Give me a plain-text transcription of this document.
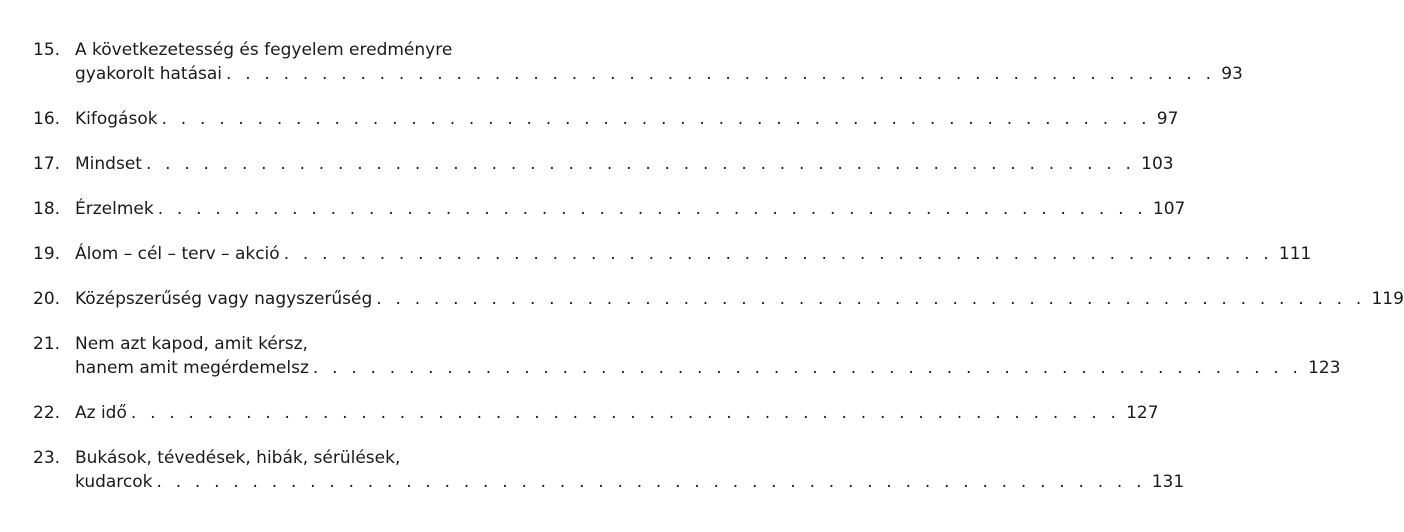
15. A következetesség és fegyelem eredményre
gyakorolt hatásai . . . . . . . . . . . . . . . . . . . . . . . . . . . . . . . . . . . . . . . . . . . . . . . . . . . . 93
16. Kifogások . . . . . . . . . . . . . . . . . . . . . . . . . . . . . . . . . . . . . . . . . . . . . . . . . . . . 97
17. Mindset . . . . . . . . . . . . . . . . . . . . . . . . . . . . . . . . . . . . . . . . . . . . . . . . . . . . 103
18. Érzelmek . . . . . . . . . . . . . . . . . . . . . . . . . . . . . . . . . . . . . . . . . . . . . . . . . . . . 107
19. Álom – cél – terv – akció . . . . . . . . . . . . . . . . . . . . . . . . . . . . . . . . . . . . . . . . . . . . . . . . . . . . 111
20. Középszerűség vagy nagyszerűség . . . . . . . . . . . . . . . . . . . . . . . . . . . . . . . . . . . . . . . . . . . . . . . . . . . . 119
21. Nem azt kapod, amit kérsz,
hanem amit megérdemelsz . . . . . . . . . . . . . . . . . . . . . . . . . . . . . . . . . . . . . . . . . . . . . . . . . . . . 123
22. Az idő . . . . . . . . . . . . . . . . . . . . . . . . . . . . . . . . . . . . . . . . . . . . . . . . . . . . 127
23. Bukások, tévedések, hibák, sérülések,
kudarcok . . . . . . . . . . . . . . . . . . . . . . . . . . . . . . . . . . . . . . . . . . . . . . . . . . . . 131
